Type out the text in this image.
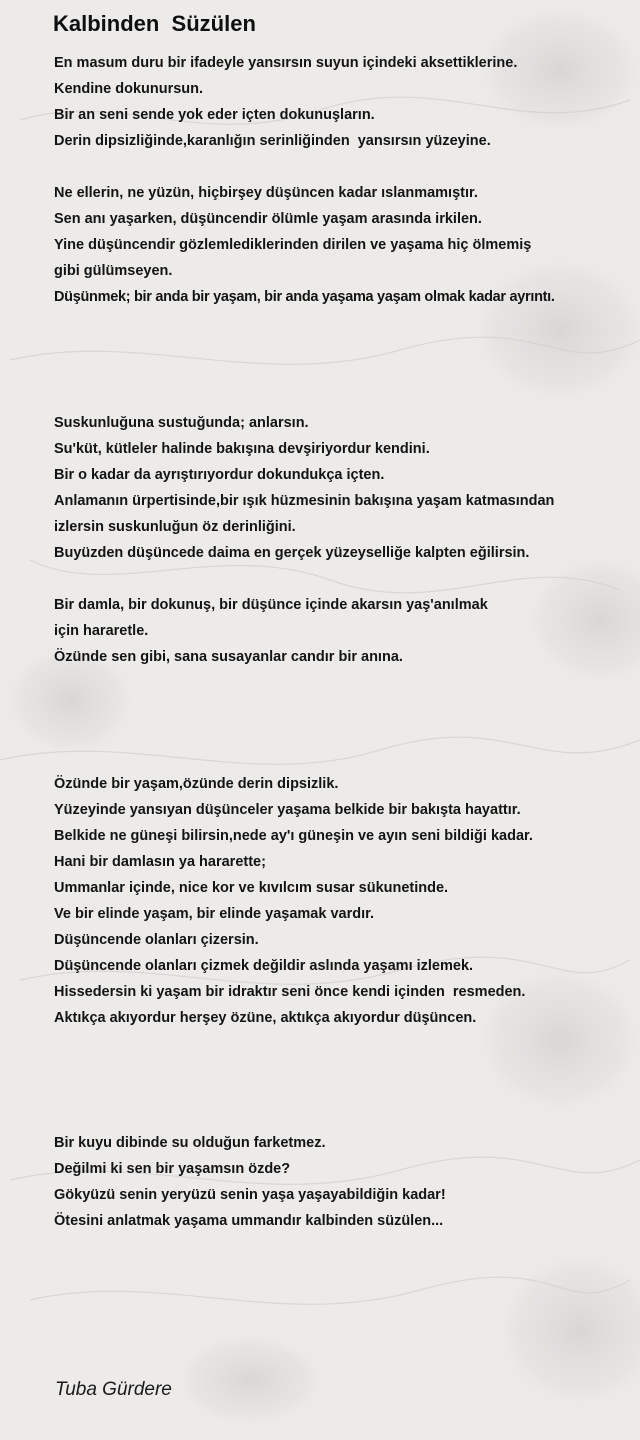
Kalbinden  Süzülen
En masum duru bir ifadeyle yansırsın suyun içindeki aksettiklerine.
Kendine dokunursun.
Bir an seni sende yok eder içten dokunuşların.
Derin dipsizliğinde,karanlığın serinliğinden  yansırsın yüzeyine.
Ne ellerin, ne yüzün, hiçbirşey düşüncen kadar ıslanmamıştır.
Sen anı yaşarken, düşüncendir ölümle yaşam arasında irkilen.
Yine düşüncendir gözlemlediklerinden dirilen ve yaşama hiç ölmemiş
gibi gülümseyen.
Düşünmek; bir anda bir yaşam, bir anda yaşama yaşam olmak kadar ayrıntı.
Suskunluğuna sustuğunda; anlarsın.
Su'küt, kütleler halinde bakışına devşiriyordur kendini.
Bir o kadar da ayrıştırıyordur dokundukça içten.
Anlamanın ürpertisinde,bir ışık hüzmesinin bakışına yaşam katmasından
izlersin suskunluğun öz derinliğini.
Buyüzden düşüncede daima en gerçek yüzeyselliğe kalpten eğilirsin.
Bir damla, bir dokunuş, bir düşünce içinde akarsın yaş'anılmak
için hararetle.
Özünde sen gibi, sana susayanlar candır bir anına.
Özünde bir yaşam,özünde derin dipsizlik.
Yüzeyinde yansıyan düşünceler yaşama belkide bir bakışta hayattır.
Belkide ne güneşi bilirsin,nede ay'ı güneşin ve ayın seni bildiği kadar.
Hani bir damlasın ya hararette;
Ummanlar içinde, nice kor ve kıvılcım susar sükunetinde.
Ve bir elinde yaşam, bir elinde yaşamak vardır.
Düşüncende olanları çizersin.
Düşüncende olanları çizmek değildir aslında yaşamı izlemek.
Hissedersin ki yaşam bir idraktır seni önce kendi içinden  resmeden.
Aktıkça akıyordur herşey özüne, aktıkça akıyordur düşüncen.
Bir kuyu dibinde su olduğun farketmez.
Değilmi ki sen bir yaşamsın özde?
Gökyüzü senin yeryüzü senin yaşa yaşayabildiğin kadar!
Ötesini anlatmak yaşama ummandır kalbinden süzülen...
Tuba Gürdere
